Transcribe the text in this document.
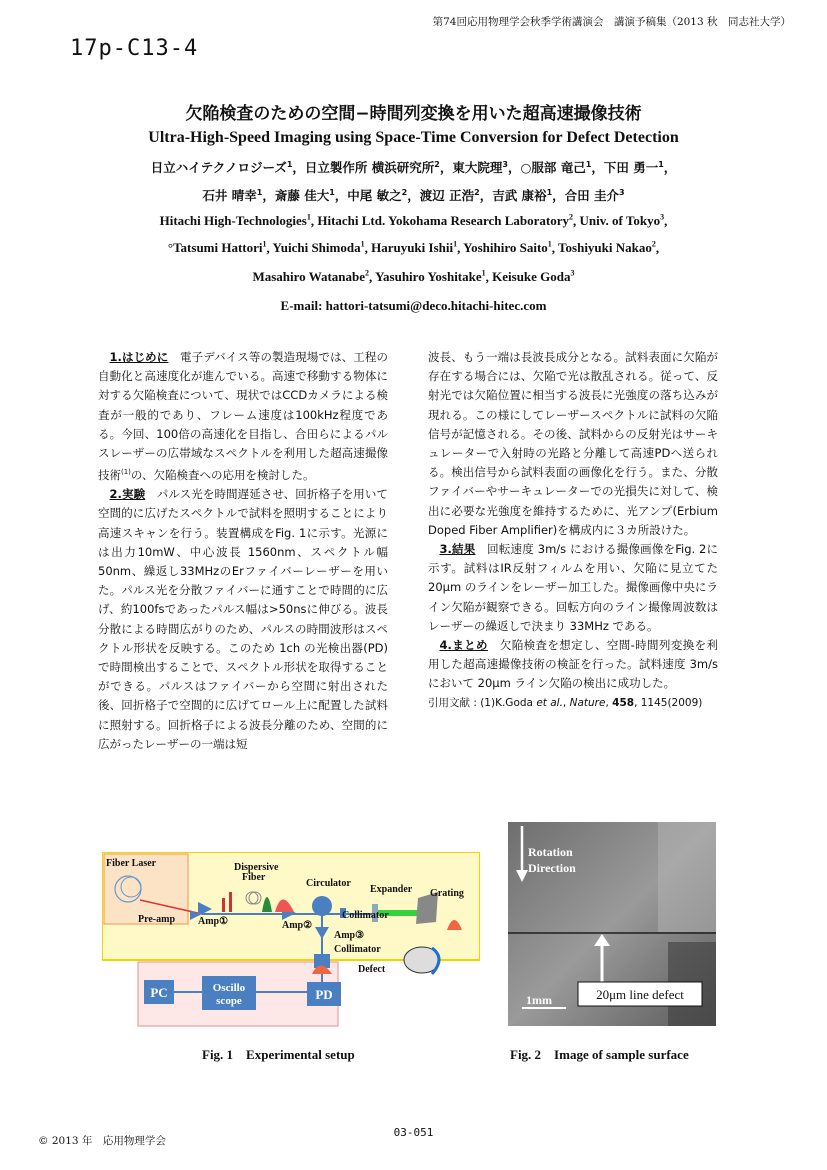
第74回応用物理学会秋季学術講演会　講演予稿集（2013 秋　同志社大学）
17p-C13-4
欠陥検査のための空間−時間列変換を用いた超高速撮像技術
Ultra-High-Speed Imaging using Space-Time Conversion for Defect Detection
日立ハイテクノロジーズ$^1$，日立製作所 横浜研究所$^2$，東大院理$^3$，○服部 竜己$^1$，下田 勇一$^1$，
石井 晴幸$^1$，斎藤 佳大$^1$，中尾 敏之$^2$，渡辺 正浩$^2$，吉武 康裕$^1$，合田 圭介$^3$
Hitachi High-Technologies$^1$, Hitachi Ltd. Yokohama Research Laboratory$^2$, Univ. of Tokyo$^3$,
°Tatsumi Hattori$^1$, Yuichi Shimoda$^1$, Haruyuki Ishii$^1$, Yoshihiro Saito$^1$, Toshiyuki Nakao$^2$,
Masahiro Watanabe$^2$, Yasuhiro Yoshitake$^1$, Keisuke Goda$^3$
E-mail: hattori-tatsumi@deco.hitachi-hitec.com

1.はじめに　 電子デバイス等の製造現場では、工程の自動化と高速度化が進んでいる。高速で移動する物体に対する欠陥検査について、現状ではCCDカメラによる検査が一般的であり、フレーム速度は100kHz程度である。今回、100倍の高速化を目指し、合田らによるパルスレーザーの広帯域なスペクトルを利用した超高速撮像技術$^{(1)}$の、欠陥検査への応用を検討した。

2.実験　 パルス光を時間遅延させ、回折格子を用いて空間的に広げたスペクトルで試料を照明することにより高速スキャンを行う。装置構成をFig. 1に示す。光源には出力10mW、中心波長 1560nm、スペクトル幅 50nm、繰返し33MHzのErファイバーレーザーを用いた。パルス光を分散ファイバーに通すことで時間的に広げ、約100fsであったパルス幅は>50nsに伸びる。波長分散による時間広がりのため、パルスの時間波形はスペクトル形状を反映する。このため 1ch の光検出器(PD)で時間検出することで、スペクトル形状を取得することができる。パルスはファイバーから空間に射出された後、回折格子で空間的に広げてロール上に配置した試料に照射する。回折格子による波長分離のため、空間的に広がったレーザーの一端は短

波長、もう一端は長波長成分となる。試料表面に欠陥が存在する場合には、欠陥で光は散乱される。従って、反射光では欠陥位置に相当する波長に光強度の落ち込みが現れる。この様にしてレーザースペクトルに試料の欠陥信号が記憶される。その後、試料からの反射光はサーキュレーターで入射時の光路と分離して高速PDへ送られる。検出信号から試料表面の画像化を行う。また、分散ファイバーやサーキュレーターでの光損失に対して、検出に必要な光強度を維持するために、光アンプ(Erbium Doped Fiber Amplifier)を構成内に３カ所設けた。

3.結果　 回転速度 3m/s における撮像画像をFig. 2に示す。試料はIR反射フィルムを用い、欠陥に見立てた 20μm のラインをレーザー加工した。撮像画像中央にライン欠陥が観察できる。回転方向のライン撮像周波数はレーザーの繰返しで決まり 33MHz である。

4.まとめ　 欠陥検査を想定し、空間-時間列変換を利用した超高速撮像技術の検証を行った。試料速度 3m/s において 20μm ライン欠陥の検出に成功した。

引用文献 : (1)K.Goda et al., Nature, 458, 1145(2009)

Fiber Laser
Pre-amp Amp①
Dispersive
Fiber
Circulator
Amp②
Expander Grating
Collimator
Amp③
Collimator
Defect
PC	Oscillo
scope	PD
Rotation
Direction
1mm	20μm line defect
Fig. 1　Experimental setup	Fig. 2　Image of sample surface
© 2013 年　応用物理学会
03-051
